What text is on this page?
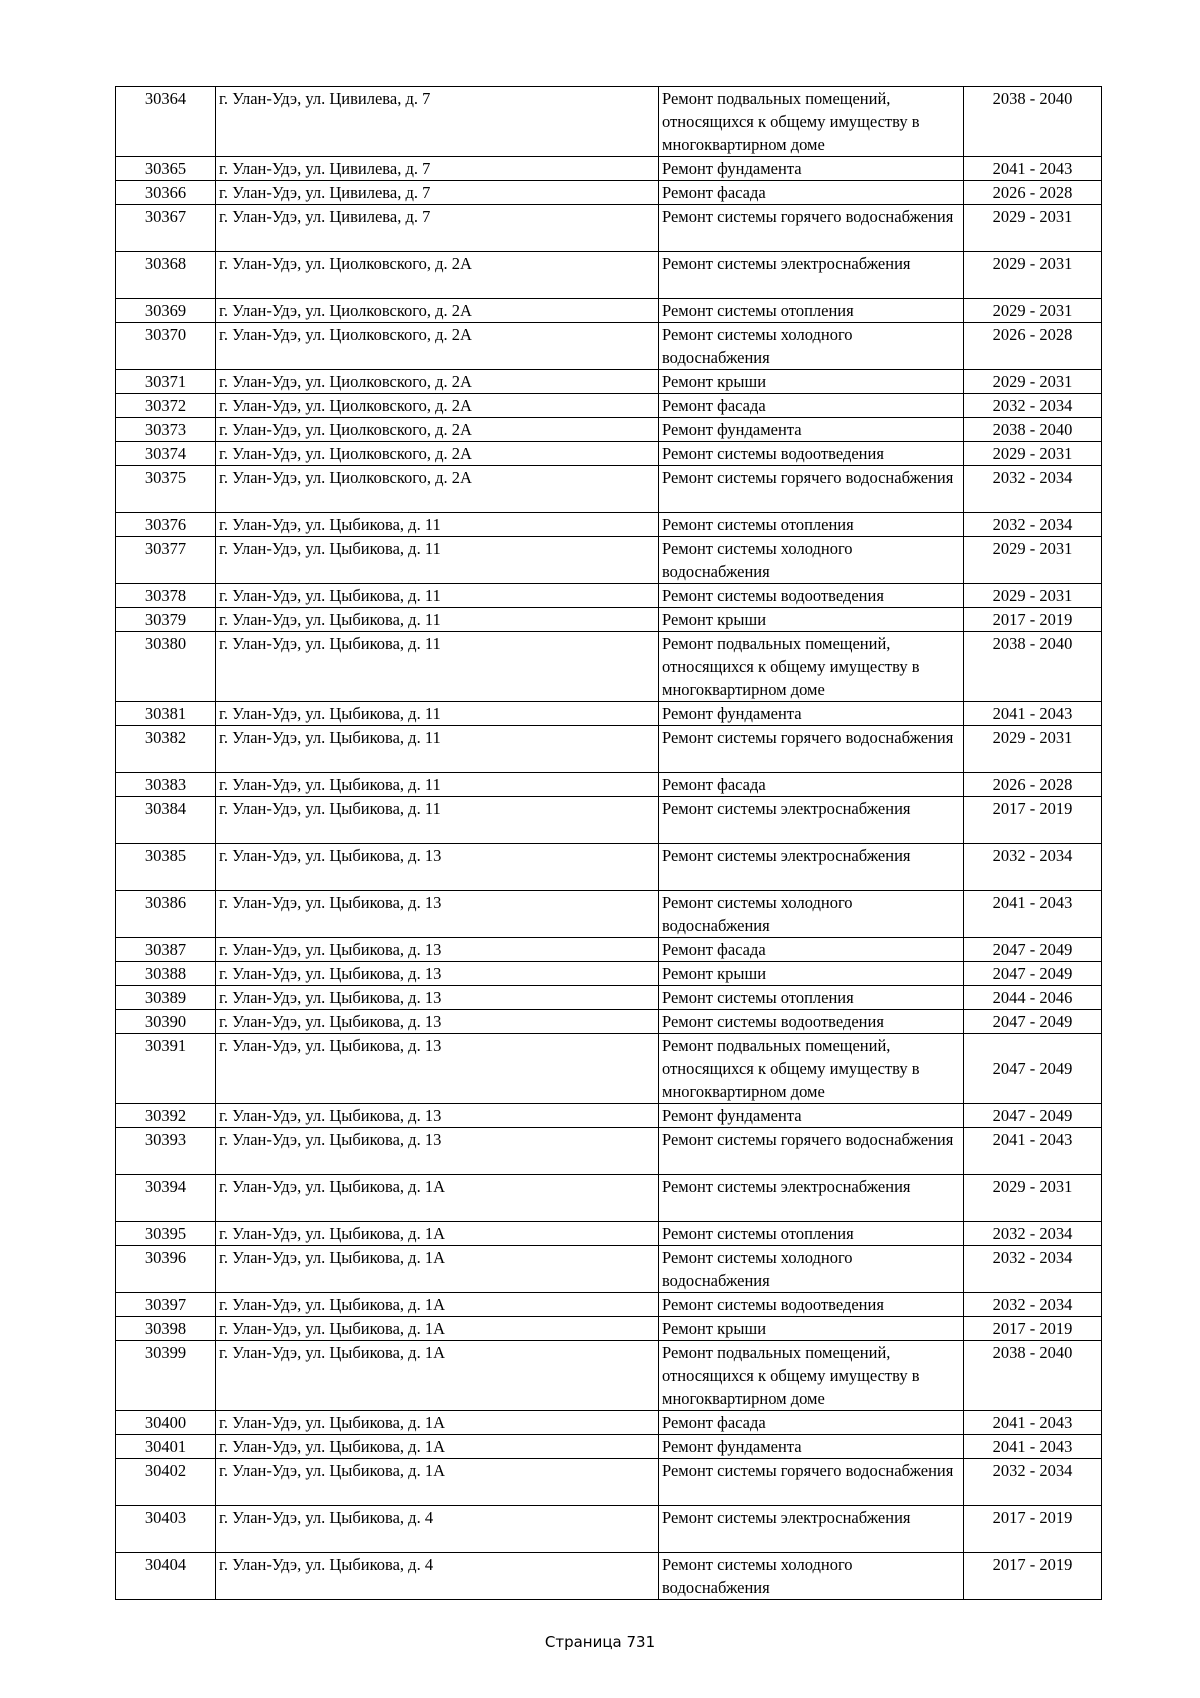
30364	г. Улан-Удэ, ул. Цивилева, д. 7	Ремонт подвальных помещений, относящихся к общему имуществу в многоквартирном доме	2038 - 2040
30365	г. Улан-Удэ, ул. Цивилева, д. 7	Ремонт фундамента	2041 - 2043
30366	г. Улан-Удэ, ул. Цивилева, д. 7	Ремонт фасада	2026 - 2028
30367	г. Улан-Удэ, ул. Цивилева, д. 7	Ремонт системы горячего водоснабжения	2029 - 2031
30368	г. Улан-Удэ, ул. Циолковского, д. 2А	Ремонт системы электроснабжения	2029 - 2031
30369	г. Улан-Удэ, ул. Циолковского, д. 2А	Ремонт системы отопления	2029 - 2031
30370	г. Улан-Удэ, ул. Циолковского, д. 2А	Ремонт системы холодного водоснабжения	2026 - 2028
30371	г. Улан-Удэ, ул. Циолковского, д. 2А	Ремонт крыши	2029 - 2031
30372	г. Улан-Удэ, ул. Циолковского, д. 2А	Ремонт фасада	2032 - 2034
30373	г. Улан-Удэ, ул. Циолковского, д. 2А	Ремонт фундамента	2038 - 2040
30374	г. Улан-Удэ, ул. Циолковского, д. 2А	Ремонт системы водоотведения	2029 - 2031
30375	г. Улан-Удэ, ул. Циолковского, д. 2А	Ремонт системы горячего водоснабжения	2032 - 2034
30376	г. Улан-Удэ, ул. Цыбикова, д. 11	Ремонт системы отопления	2032 - 2034
30377	г. Улан-Удэ, ул. Цыбикова, д. 11	Ремонт системы холодного водоснабжения	2029 - 2031
30378	г. Улан-Удэ, ул. Цыбикова, д. 11	Ремонт системы водоотведения	2029 - 2031
30379	г. Улан-Удэ, ул. Цыбикова, д. 11	Ремонт крыши	2017 - 2019
30380	г. Улан-Удэ, ул. Цыбикова, д. 11	Ремонт подвальных помещений, относящихся к общему имуществу в многоквартирном доме	2038 - 2040
30381	г. Улан-Удэ, ул. Цыбикова, д. 11	Ремонт фундамента	2041 - 2043
30382	г. Улан-Удэ, ул. Цыбикова, д. 11	Ремонт системы горячего водоснабжения	2029 - 2031
30383	г. Улан-Удэ, ул. Цыбикова, д. 11	Ремонт фасада	2026 - 2028
30384	г. Улан-Удэ, ул. Цыбикова, д. 11	Ремонт системы электроснабжения	2017 - 2019
30385	г. Улан-Удэ, ул. Цыбикова, д. 13	Ремонт системы электроснабжения	2032 - 2034
30386	г. Улан-Удэ, ул. Цыбикова, д. 13	Ремонт системы холодного водоснабжения	2041 - 2043
30387	г. Улан-Удэ, ул. Цыбикова, д. 13	Ремонт фасада	2047 - 2049
30388	г. Улан-Удэ, ул. Цыбикова, д. 13	Ремонт крыши	2047 - 2049
30389	г. Улан-Удэ, ул. Цыбикова, д. 13	Ремонт системы отопления	2044 - 2046
30390	г. Улан-Удэ, ул. Цыбикова, д. 13	Ремонт системы водоотведения	2047 - 2049
30391	г. Улан-Удэ, ул. Цыбикова, д. 13	Ремонт подвальных помещений, относящихся к общему имуществу в многоквартирном доме	2047 - 2049
30392	г. Улан-Удэ, ул. Цыбикова, д. 13	Ремонт фундамента	2047 - 2049
30393	г. Улан-Удэ, ул. Цыбикова, д. 13	Ремонт системы горячего водоснабжения	2041 - 2043
30394	г. Улан-Удэ, ул. Цыбикова, д. 1А	Ремонт системы электроснабжения	2029 - 2031
30395	г. Улан-Удэ, ул. Цыбикова, д. 1А	Ремонт системы отопления	2032 - 2034
30396	г. Улан-Удэ, ул. Цыбикова, д. 1А	Ремонт системы холодного водоснабжения	2032 - 2034
30397	г. Улан-Удэ, ул. Цыбикова, д. 1А	Ремонт системы водоотведения	2032 - 2034
30398	г. Улан-Удэ, ул. Цыбикова, д. 1А	Ремонт крыши	2017 - 2019
30399	г. Улан-Удэ, ул. Цыбикова, д. 1А	Ремонт подвальных помещений, относящихся к общему имуществу в многоквартирном доме	2038 - 2040
30400	г. Улан-Удэ, ул. Цыбикова, д. 1А	Ремонт фасада	2041 - 2043
30401	г. Улан-Удэ, ул. Цыбикова, д. 1А	Ремонт фундамента	2041 - 2043
30402	г. Улан-Удэ, ул. Цыбикова, д. 1А	Ремонт системы горячего водоснабжения	2032 - 2034
30403	г. Улан-Удэ, ул. Цыбикова, д. 4	Ремонт системы электроснабжения	2017 - 2019
30404	г. Улан-Удэ, ул. Цыбикова, д. 4	Ремонт системы холодного водоснабжения	2017 - 2019
Страница 731
